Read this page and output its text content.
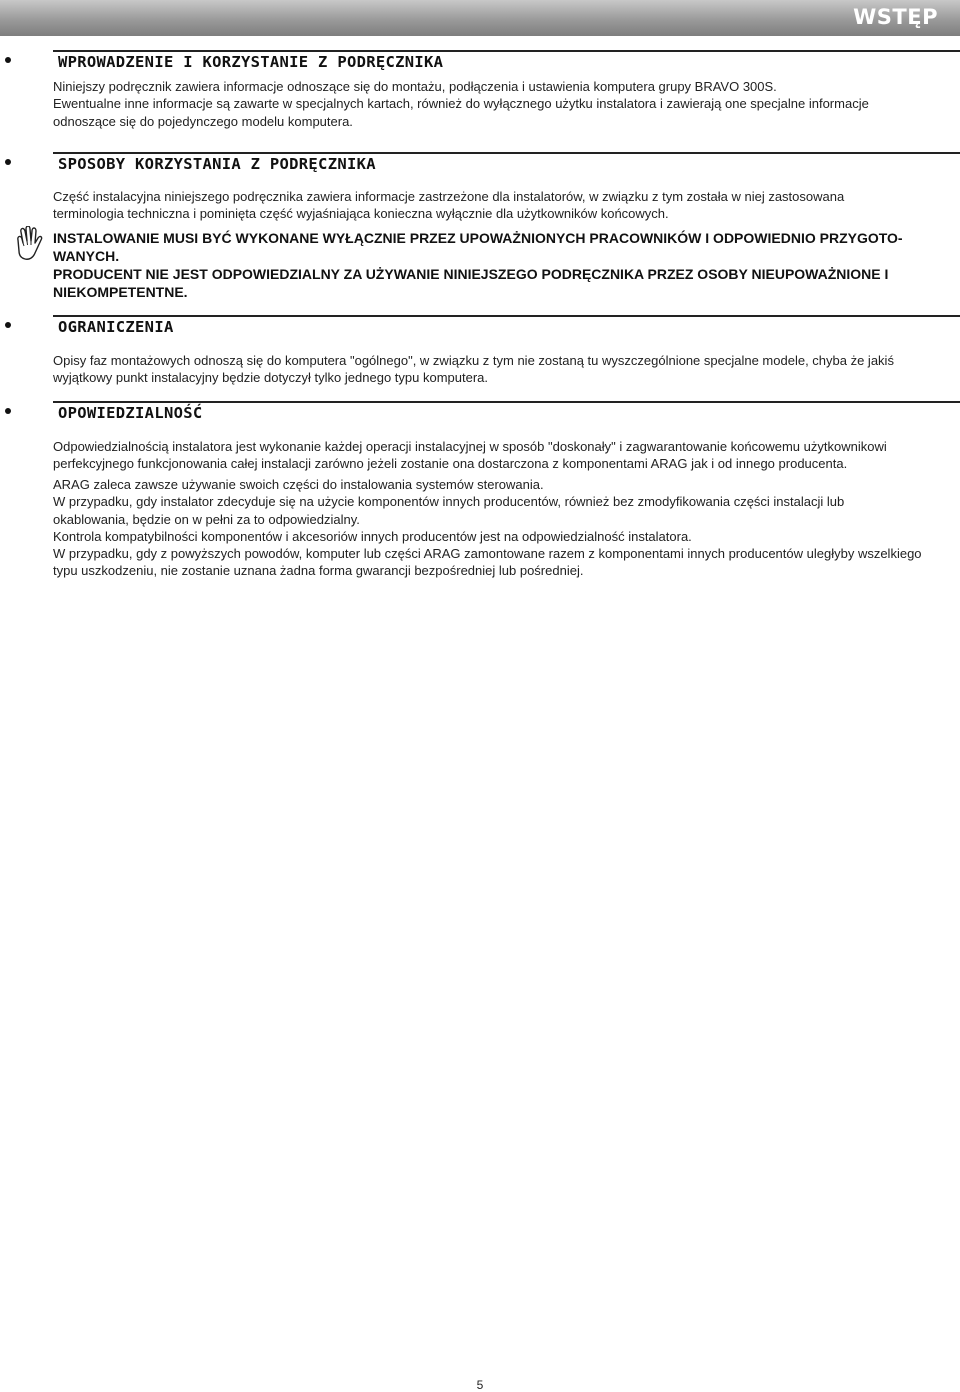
WSTĘP
WPROWADZENIE I KORZYSTANIE Z PODRĘCZNIKA

Niniejszy podręcznik zawiera informacje odnoszące się do montażu, podłączenia i ustawienia komputera grupy BRAVO 300S.
Ewentualne inne informacje są zawarte w specjalnych kartach, również do wyłącznego użytku instalatora i zawierają one specjalne informacje
odnoszące się do pojedynczego modelu komputera.

SPOSOBY KORZYSTANIA Z PODRĘCZNIKA

Część instalacyjna niniejszego podręcznika zawiera informacje zastrzeżone dla instalatorów, w związku z tym została w niej zastosowana
terminologia techniczna i pominięta część wyjaśniająca konieczna wyłącznie dla użytkowników końcowych.

INSTALOWANIE MUSI BYĆ WYKONANE WYŁĄCZNIE PRZEZ UPOWAŻNIONYCH PRACOWNIKÓW I ODPOWIEDNIO PRZYGOTO-
WANYCH.

PRODUCENT NIE JEST ODPOWIEDZIALNY ZA UŻYWANIE NINIEJSZEGO PODRĘCZNIKA PRZEZ OSOBY NIEUPOWAŻNIONE I
NIEKOMPETENTNE.

OGRANICZENIA

Opisy faz montażowych odnoszą się do komputera "ogólnego", w związku z tym nie zostaną tu wyszczególnione specjalne modele, chyba że jakiś
wyjątkowy punkt instalacyjny będzie dotyczył tylko jednego typu komputera.

OPOWIEDZIALNOŚĆ

Odpowiedzialnością instalatora jest wykonanie każdej operacji instalacyjnej w sposób "doskonały" i zagwarantowanie końcowemu użytkownikowi
perfekcyjnego funkcjonowania całej instalacji zarówno jeżeli zostanie ona dostarczona z komponentami ARAG jak i od innego producenta.

ARAG zaleca zawsze używanie swoich części do instalowania systemów sterowania.
W przypadku, gdy instalator zdecyduje się na użycie komponentów innych producentów, również bez zmodyfikowania części instalacji lub
okablowania, będzie on w pełni za to odpowiedzialny.
Kontrola kompatybilności komponentów i akcesoriów innych producentów jest na odpowiedzialność instalatora.
W przypadku, gdy z powyższych powodów, komputer lub części ARAG zamontowane razem z komponentami innych producentów uległyby wszelkiego
typu uszkodzeniu, nie zostanie uznana żadna forma gwarancji bezpośredniej lub pośredniej.

5
